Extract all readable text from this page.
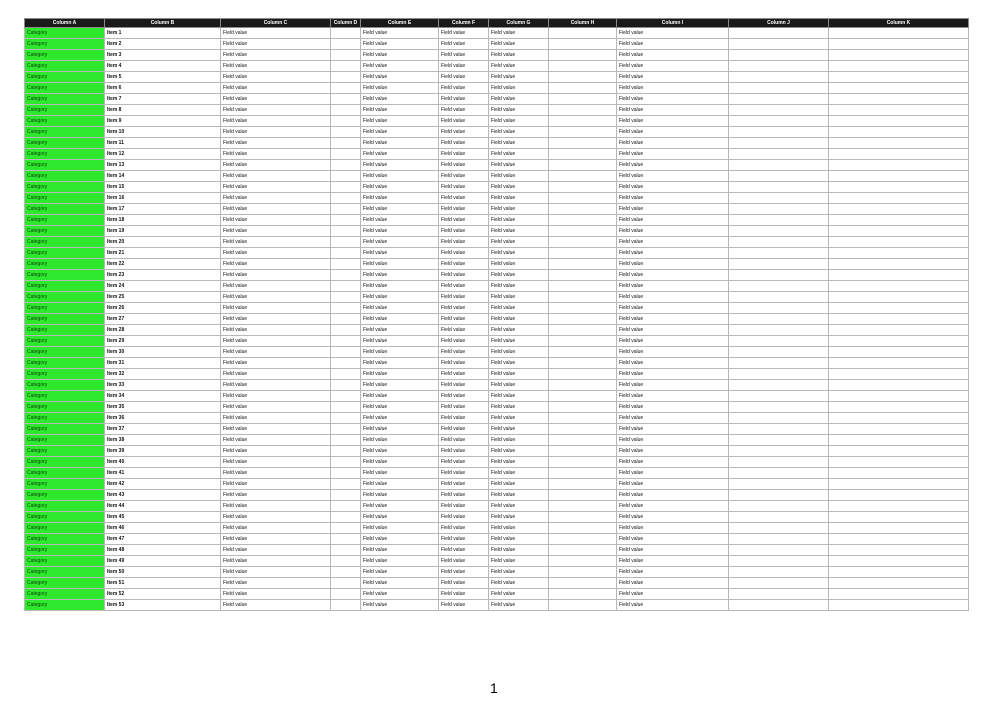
Column A	Column B	Column C	Column D	Column E	Column F	Column G	Column H	Column I	Column J	Column K
Category	Item 1	Field value		Field value	Field value	Field value		Field value		
Category	Item 2	Field value		Field value	Field value	Field value		Field value		
Category	Item 3	Field value		Field value	Field value	Field value		Field value		
Category	Item 4	Field value		Field value	Field value	Field value		Field value		
Category	Item 5	Field value		Field value	Field value	Field value		Field value		
Category	Item 6	Field value		Field value	Field value	Field value		Field value		
Category	Item 7	Field value		Field value	Field value	Field value		Field value		
Category	Item 8	Field value		Field value	Field value	Field value		Field value		
Category	Item 9	Field value		Field value	Field value	Field value		Field value		
Category	Item 10	Field value		Field value	Field value	Field value		Field value		
Category	Item 11	Field value		Field value	Field value	Field value		Field value		
Category	Item 12	Field value		Field value	Field value	Field value		Field value		
Category	Item 13	Field value		Field value	Field value	Field value		Field value		
Category	Item 14	Field value		Field value	Field value	Field value		Field value		
Category	Item 15	Field value		Field value	Field value	Field value		Field value		
Category	Item 16	Field value		Field value	Field value	Field value		Field value		
Category	Item 17	Field value		Field value	Field value	Field value		Field value		
Category	Item 18	Field value		Field value	Field value	Field value		Field value		
Category	Item 19	Field value		Field value	Field value	Field value		Field value		
Category	Item 20	Field value		Field value	Field value	Field value		Field value		
Category	Item 21	Field value		Field value	Field value	Field value		Field value		
Category	Item 22	Field value		Field value	Field value	Field value		Field value		
Category	Item 23	Field value		Field value	Field value	Field value		Field value		
Category	Item 24	Field value		Field value	Field value	Field value		Field value		
Category	Item 25	Field value		Field value	Field value	Field value		Field value		
Category	Item 26	Field value		Field value	Field value	Field value		Field value		
Category	Item 27	Field value		Field value	Field value	Field value		Field value		
Category	Item 28	Field value		Field value	Field value	Field value		Field value		
Category	Item 29	Field value		Field value	Field value	Field value		Field value		
Category	Item 30	Field value		Field value	Field value	Field value		Field value		
Category	Item 31	Field value		Field value	Field value	Field value		Field value		
Category	Item 32	Field value		Field value	Field value	Field value		Field value		
Category	Item 33	Field value		Field value	Field value	Field value		Field value		
Category	Item 34	Field value		Field value	Field value	Field value		Field value		
Category	Item 35	Field value		Field value	Field value	Field value		Field value		
Category	Item 36	Field value		Field value	Field value	Field value		Field value		
Category	Item 37	Field value		Field value	Field value	Field value		Field value		
Category	Item 38	Field value		Field value	Field value	Field value		Field value		
Category	Item 39	Field value		Field value	Field value	Field value		Field value		
Category	Item 40	Field value		Field value	Field value	Field value		Field value		
Category	Item 41	Field value		Field value	Field value	Field value		Field value		
Category	Item 42	Field value		Field value	Field value	Field value		Field value		
Category	Item 43	Field value		Field value	Field value	Field value		Field value		
Category	Item 44	Field value		Field value	Field value	Field value		Field value		
Category	Item 45	Field value		Field value	Field value	Field value		Field value		
Category	Item 46	Field value		Field value	Field value	Field value		Field value		
Category	Item 47	Field value		Field value	Field value	Field value		Field value		
Category	Item 48	Field value		Field value	Field value	Field value		Field value		
Category	Item 49	Field value		Field value	Field value	Field value		Field value		
Category	Item 50	Field value		Field value	Field value	Field value		Field value		
Category	Item 51	Field value		Field value	Field value	Field value		Field value		
Category	Item 52	Field value		Field value	Field value	Field value		Field value		
Category	Item 53	Field value		Field value	Field value	Field value		Field value		
1
